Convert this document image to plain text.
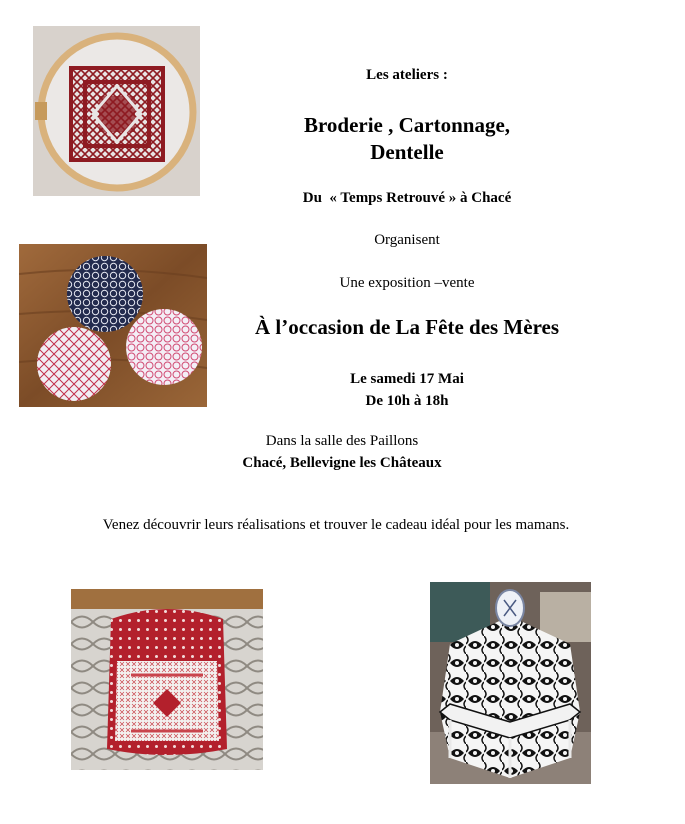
Les ateliers :
Broderie , Cartonnage,
Dentelle
Du  « Temps Retrouvé » à Chacé
Organisent
Une exposition –vente
À l’occasion de La Fête des Mères
Le samedi 17 Mai
De 10h à 18h
Dans la salle des Paillons
Chacé, Bellevigne les Châteaux
Venez découvrir leurs réalisations et trouver le cadeau idéal pour les mamans.
